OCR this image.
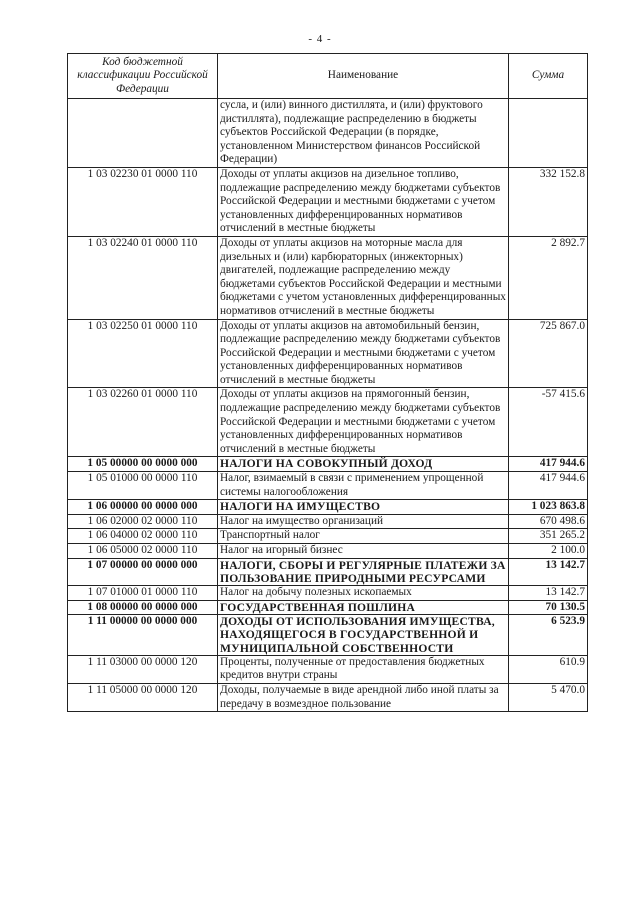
- 4 -
Код бюджетной классификации Российской Федерации	Наименование	Сумма
	сусла, и (или) винного дистиллята, и (или) фруктового дистиллята), подлежащие распределению в бюджеты субъектов Российской Федерации (в порядке, установленном Министерством финансов Российской Федерации)	
1 03 02230 01 0000 110	Доходы от уплаты акцизов на дизельное топливо, подлежащие распределению между бюджетами субъектов Российской Федерации и местными бюджетами с учетом установленных дифференцированных нормативов отчислений в местные бюджеты	332 152.8
1 03 02240 01 0000 110	Доходы от уплаты акцизов на моторные масла для дизельных и (или) карбюраторных (инжекторных) двигателей, подлежащие распределению между бюджетами субъектов Российской Федерации и местными бюджетами с учетом установленных дифференцированных нормативов отчислений в местные бюджеты	2 892.7
1 03 02250 01 0000 110	Доходы от уплаты акцизов на автомобильный бензин, подлежащие распределению между бюджетами субъектов Российской Федерации и местными бюджетами с учетом установленных дифференцированных нормативов отчислений в местные бюджеты	725 867.0
1 03 02260 01 0000 110	Доходы от уплаты акцизов на прямогонный бензин, подлежащие распределению между бюджетами субъектов Российской Федерации и местными бюджетами с учетом установленных дифференцированных нормативов отчислений в местные бюджеты	-57 415.6
1 05 00000 00 0000 000	НАЛОГИ НА СОВОКУПНЫЙ ДОХОД	417 944.6
1 05 01000 00 0000 110	Налог, взимаемый в связи с применением упрощенной системы налогообложения	417 944.6
1 06 00000 00 0000 000	НАЛОГИ НА ИМУЩЕСТВО	1 023 863.8
1 06 02000 02 0000 110	Налог на имущество организаций	670 498.6
1 06 04000 02 0000 110	Транспортный налог	351 265.2
1 06 05000 02 0000 110	Налог на игорный бизнес	2 100.0
1 07 00000 00 0000 000	НАЛОГИ, СБОРЫ И РЕГУЛЯРНЫЕ ПЛАТЕЖИ ЗА ПОЛЬЗОВАНИЕ ПРИРОДНЫМИ РЕСУРСАМИ	13 142.7
1 07 01000 01 0000 110	Налог на добычу полезных ископаемых	13 142.7
1 08 00000 00 0000 000	ГОСУДАРСТВЕННАЯ ПОШЛИНА	70 130.5
1 11 00000 00 0000 000	ДОХОДЫ ОТ ИСПОЛЬЗОВАНИЯ ИМУЩЕСТВА, НАХОДЯЩЕГОСЯ В ГОСУДАРСТВЕННОЙ И МУНИЦИПАЛЬНОЙ СОБСТВЕННОСТИ	6 523.9
1 11 03000 00 0000 120	Проценты, полученные от предоставления бюджетных кредитов внутри страны	610.9
1 11 05000 00 0000 120	Доходы, получаемые в виде арендной либо иной платы за передачу в возмездное пользование	5 470.0
